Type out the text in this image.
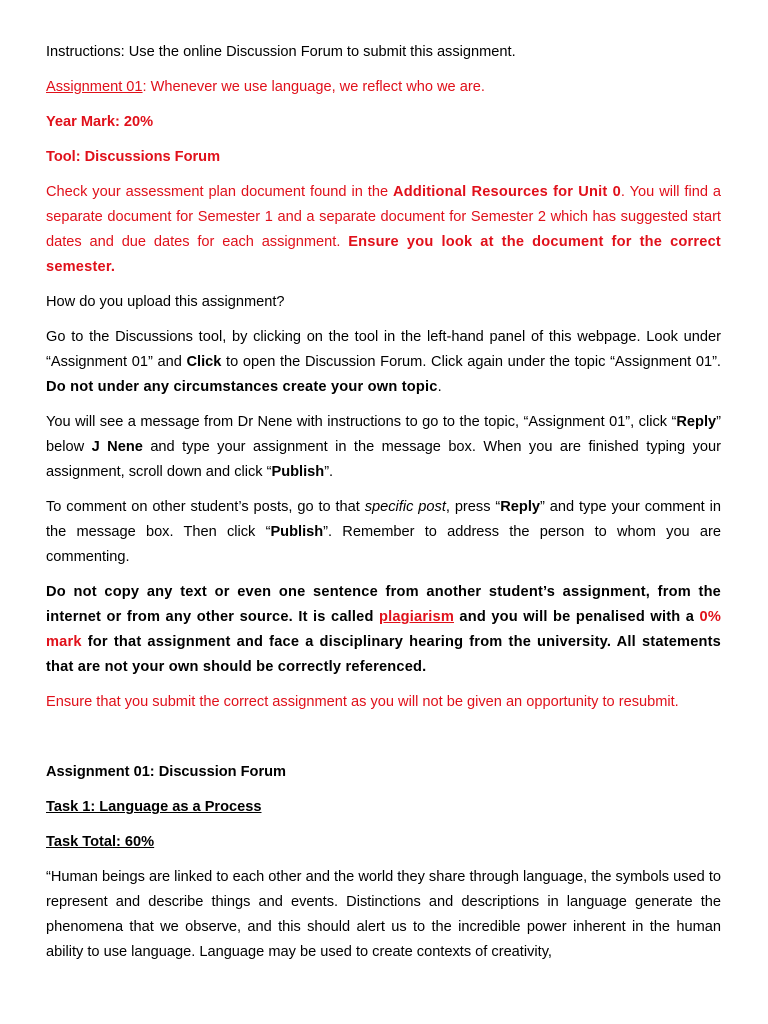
Instructions: Use the online Discussion Forum to submit this assignment.

Assignment 01: Whenever we use language, we reflect who we are.

Year Mark: 20%

Tool: Discussions Forum

Check your assessment plan document found in the Additional Resources for Unit 0. You will find a separate document for Semester 1 and a separate document for Semester 2 which has suggested start dates and due dates for each assignment. Ensure you look at the document for the correct semester.

How do you upload this assignment?

Go to the Discussions tool, by clicking on the tool in the left-hand panel of this webpage. Look under “Assignment 01” and Click to open the Discussion Forum. Click again under the topic “Assignment 01”. Do not under any circumstances create your own topic.

You will see a message from Dr Nene with instructions to go to the topic, “Assignment 01”, click “Reply” below J Nene and type your assignment in the message box. When you are finished typing your assignment, scroll down and click “Publish”.

To comment on other student’s posts, go to that specific post, press “Reply” and type your comment in the message box. Then click “Publish”. Remember to address the person to whom you are commenting.

Do not copy any text or even one sentence from another student’s assignment, from the internet or from any other source. It is called plagiarism and you will be penalised with a 0% mark for that assignment and face a disciplinary hearing from the university. All statements that are not your own should be correctly referenced.

Ensure that you submit the correct assignment as you will not be given an opportunity to resubmit.

Assignment 01: Discussion Forum

Task 1: Language as a Process

Task Total: 60%

“Human beings are linked to each other and the world they share through language, the symbols used to represent and describe things and events. Distinctions and descriptions in language generate the phenomena that we observe, and this should alert us to the incredible power inherent in the human ability to use language. Language may be used to create contexts of creativity,
